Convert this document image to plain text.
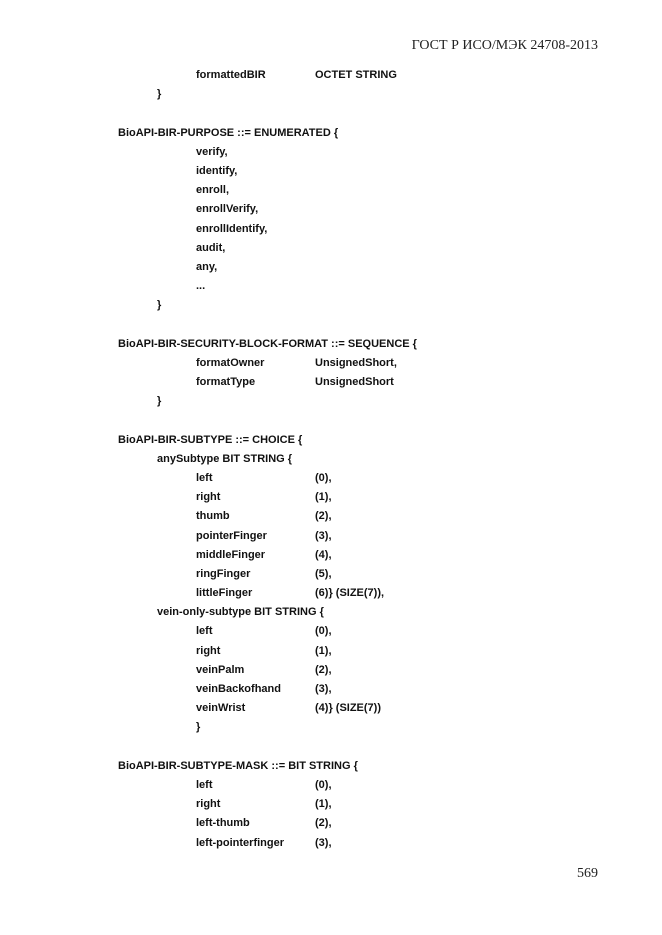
ГОСТ Р ИСО/МЭК 24708-2013
formattedBIR	OCTET STRING
}
BioAPI-BIR-PURPOSE ::= ENUMERATED {
verify,
identify,
enroll,
enrollVerify,
enrollIdentify,
audit,
any,
...
}
BioAPI-BIR-SECURITY-BLOCK-FORMAT ::= SEQUENCE {
formatOwner	UnsignedShort,
formatType	UnsignedShort
}
BioAPI-BIR-SUBTYPE ::= CHOICE {
anySubtype BIT STRING {
left	(0),
right	(1),
thumb	(2),
pointerFinger	(3),
middleFinger	(4),
ringFinger	(5),
littleFinger	(6)} (SIZE(7)),
vein-only-subtype BIT STRING {
left	(0),
right	(1),
veinPalm	(2),
veinBackofhand	(3),
veinWrist	(4)} (SIZE(7))
}
BioAPI-BIR-SUBTYPE-MASK ::= BIT STRING {
left	(0),
right	(1),
left-thumb	(2),
left-pointerfinger	(3),
569
